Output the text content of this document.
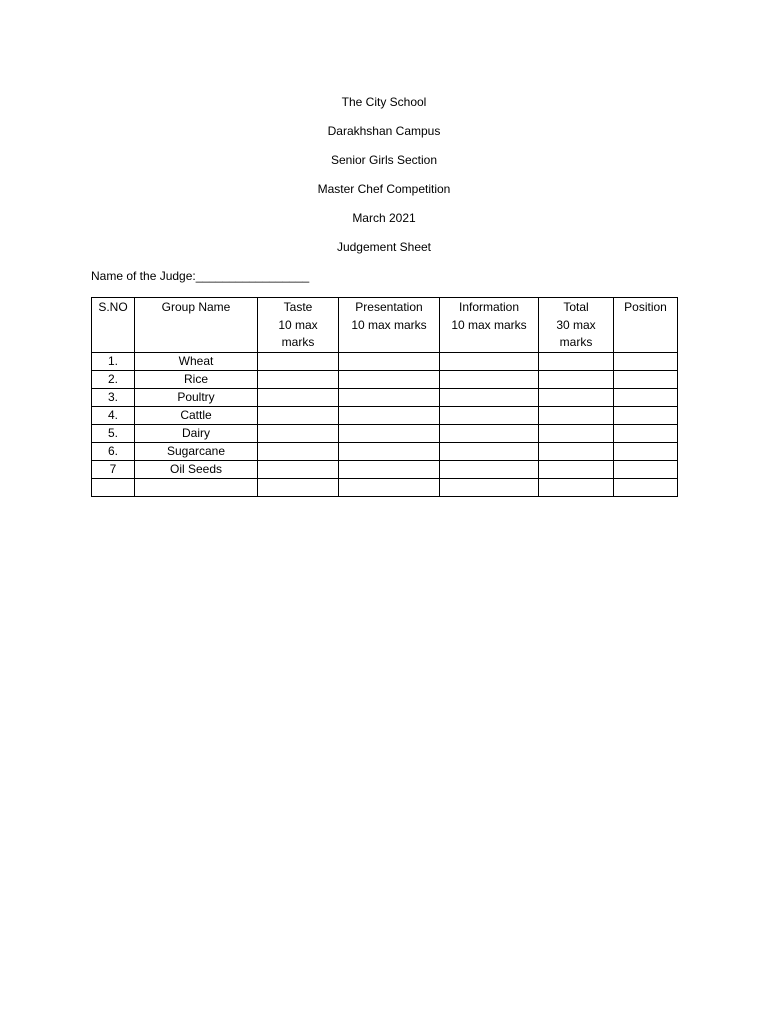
The City School
Darakhshan Campus
Senior Girls Section
Master Chef Competition
March 2021
Judgement Sheet
Name of the Judge:_________________
S.NO	Group Name	Taste
10 max
marks	Presentation
10 max marks	Information
10 max marks	Total
30 max
marks	Position
1.	Wheat					
2.	Rice					
3.	Poultry					
4.	Cattle					
5.	Dairy					
6.	Sugarcane					
7	Oil Seeds					
